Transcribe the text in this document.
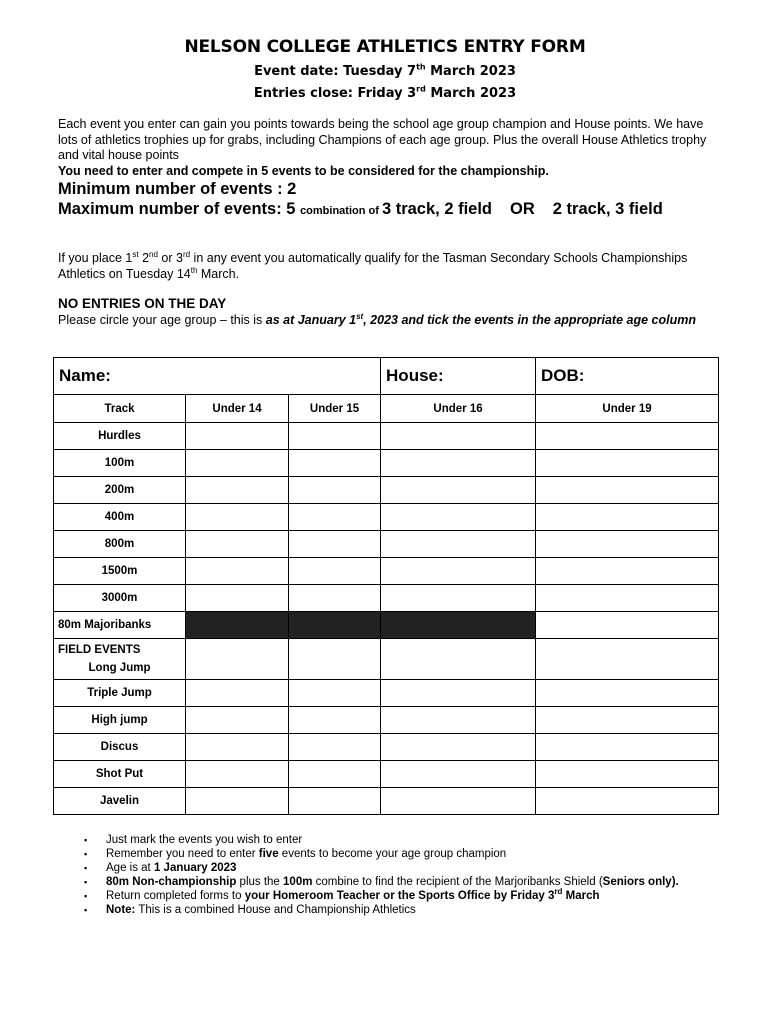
NELSON COLLEGE ATHLETICS ENTRY FORM
Event date: Tuesday 7th March 2023
Entries close: Friday 3rd March 2023
Each event you enter can gain you points towards being the school age group champion and House points. We have lots of athletics trophies up for grabs, including Champions of each age group. Plus the overall House Athletics trophy and vital house points
You need to enter and compete in 5 events to be considered for the championship.
Minimum number of events : 2
Maximum number of events: 5 combination of 3 track, 2 field OR 2 track, 3 field
If you place 1st 2nd or 3rd in any event you automatically qualify for the Tasman Secondary Schools Championships Athletics on Tuesday 14th March.
NO ENTRIES ON THE DAY
Please circle your age group – this is as at January 1st, 2023 and tick the events in the appropriate age column
Name:			House:	DOB:
Track	Under 14	Under 15	Under 16	Under 19
Hurdles				
100m				
200m				
400m				
800m				
1500m				
3000m				
80m Majoribanks				

FIELD EVENTS
Long Jump				

Triple Jump				
High jump				
Discus				
Shot Put				
Javelin				
▪ Just mark the events you wish to enter
▪ Remember you need to enter five events to become your age group champion
▪ Age is at 1 January 2023
▪ 80m Non-championship plus the 100m combine to find the recipient of the Marjoribanks Shield (Seniors only).
▪ Return completed forms to your Homeroom Teacher or the Sports Office by Friday 3rd March
▪ Note: This is a combined House and Championship Athletics
